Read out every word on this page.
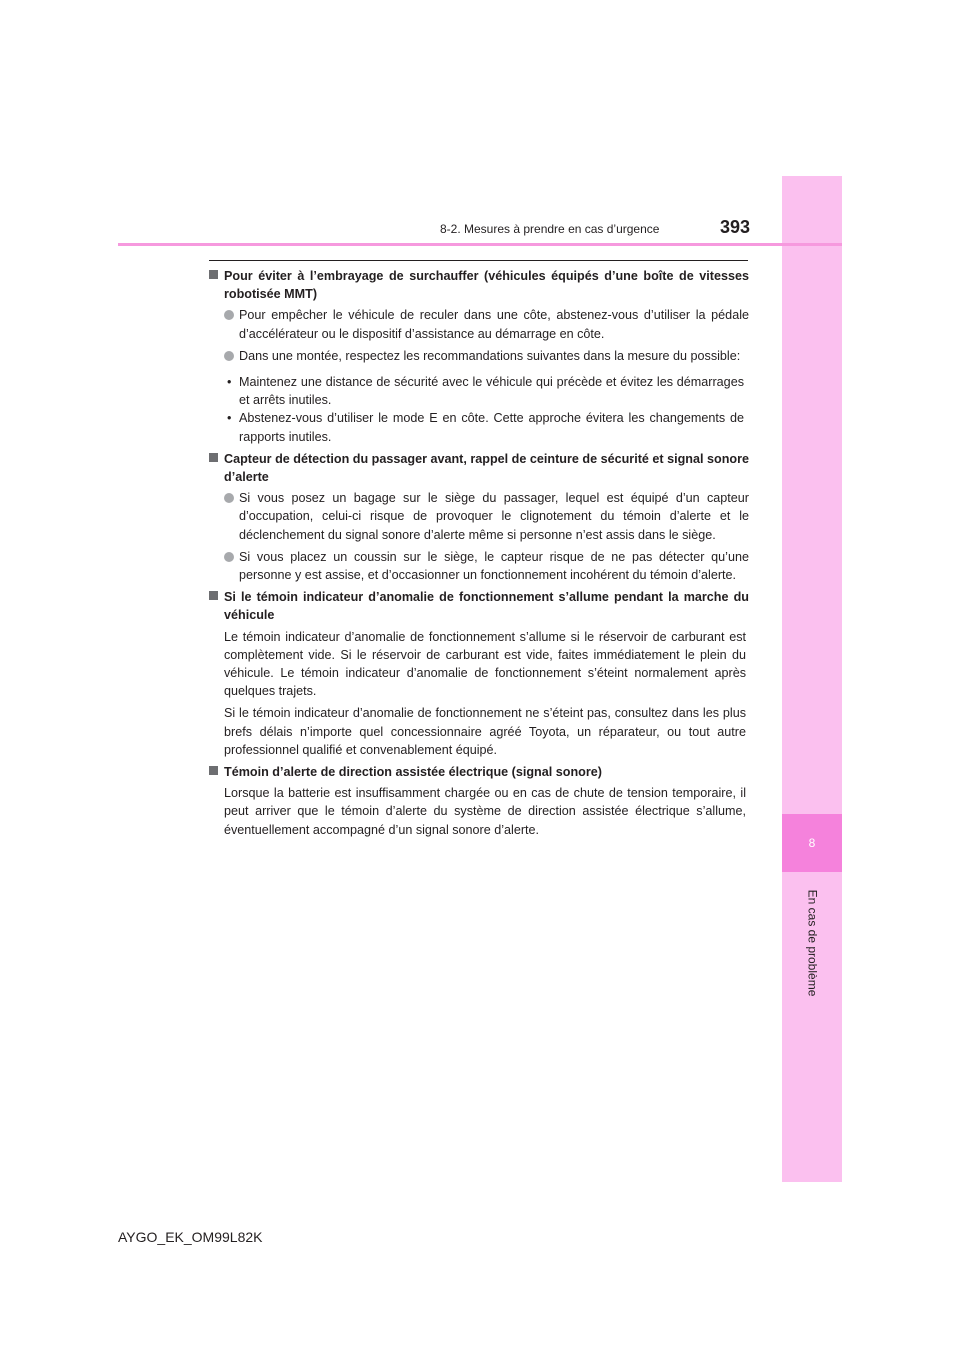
8
En cas de problème
8-2. Mesures à prendre en cas d’urgence	393

Pour éviter à l’embrayage de surchauffer (véhicules équipés d’une boîte de vitesses robotisée MMT)

Pour empêcher le véhicule de reculer dans une côte, abstenez-vous d’utiliser la pédale d’accélérateur ou le dispositif d’assistance au démarrage en côte.

Dans une montée, respectez les recommandations suivantes dans la mesure du possible:

• Maintenez une distance de sécurité avec le véhicule qui précède et évitez les démarrages et arrêts inutiles.

• Abstenez-vous d’utiliser le mode E en côte. Cette approche évitera les changements de rapports inutiles.

Capteur de détection du passager avant, rappel de ceinture de sécurité et signal sonore d’alerte

Si vous posez un bagage sur le siège du passager, lequel est équipé d’un capteur d’occupation, celui-ci risque de provoquer le clignotement du témoin d’alerte et le déclenchement du signal sonore d’alerte même si personne n’est assis dans le siège.

Si vous placez un coussin sur le siège, le capteur risque de ne pas détecter qu’une personne y est assise, et d’occasionner un fonctionnement incohérent du témoin d’alerte.

Si le témoin indicateur d’anomalie de fonctionnement s’allume pendant la marche du véhicule

Le témoin indicateur d’anomalie de fonctionnement s’allume si le réservoir de carburant est complètement vide. Si le réservoir de carburant est vide, faites immédiatement le plein du véhicule. Le témoin indicateur d’anomalie de fonctionnement s’éteint normalement après quelques trajets.

Si le témoin indicateur d’anomalie de fonctionnement ne s’éteint pas, consultez dans les plus brefs délais n’importe quel concessionnaire agréé Toyota, un réparateur, ou tout autre professionnel qualifié et convenablement équipé.

Témoin d’alerte de direction assistée électrique (signal sonore)

Lorsque la batterie est insuffisamment chargée ou en cas de chute de tension temporaire, il peut arriver que le témoin d’alerte du système de direction assistée électrique s’allume, éventuellement accompagné d’un signal sonore d’alerte.

AYGO_EK_OM99L82K
